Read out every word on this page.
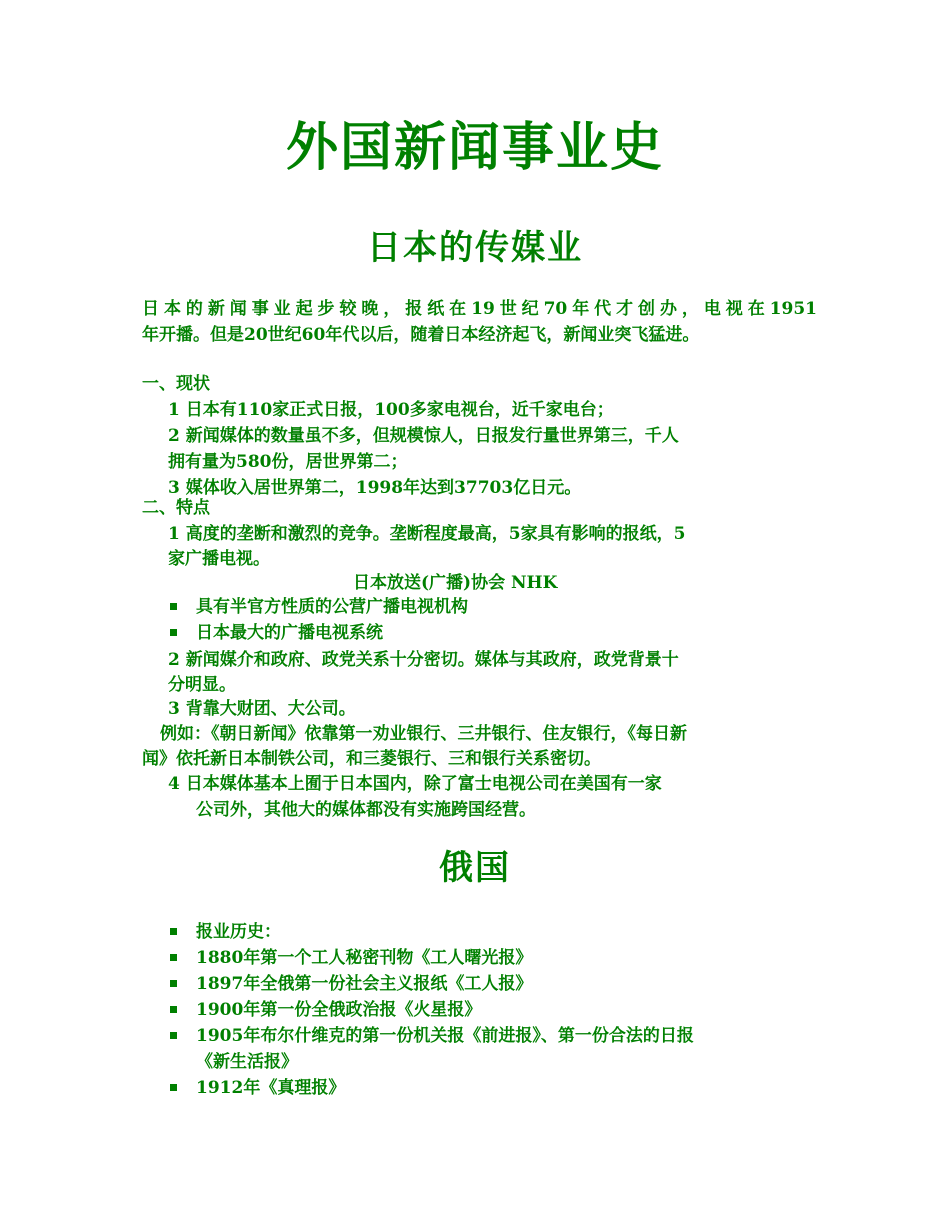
外国新闻事业史
日本的传媒业
日本的新闻事业起步较晚，报纸在19世纪70年代才创办，电视在1951
年开播。但是20世纪60年代以后，随着日本经济起飞，新闻业突飞猛进。

一、现状

1 日本有110家正式日报，100多家电视台，近千家电台；

2 新闻媒体的数量虽不多，但规模惊人，日报发行量世界第三，千人

拥有量为580份，居世界第二；

3 媒体收入居世界第二，1998年达到37703亿日元。

二、特点

1 高度的垄断和激烈的竞争。垄断程度最高，5家具有影响的报纸，5

家广播电视。

日本放送(广播)协会 NHK

具有半官方性质的公营广播电视机构

日本最大的广播电视系统

2 新闻媒介和政府、政党关系十分密切。媒体与其政府，政党背景十

分明显。

3 背靠大财团、大公司。

例如：《朝日新闻》依靠第一劝业银行、三井银行、住友银行，《每日新

闻》依托新日本制铁公司，和三菱银行、三和银行关系密切。

4 日本媒体基本上囿于日本国内，除了富士电视公司在美国有一家

公司外，其他大的媒体都没有实施跨国经营。

俄国

报业历史：

1880年第一个工人秘密刊物《工人曙光报》

1897年全俄第一份社会主义报纸《工人报》

1900年第一份全俄政治报《火星报》

1905年布尔什维克的第一份机关报《前进报》、第一份合法的日报

《新生活报》

1912年《真理报》
